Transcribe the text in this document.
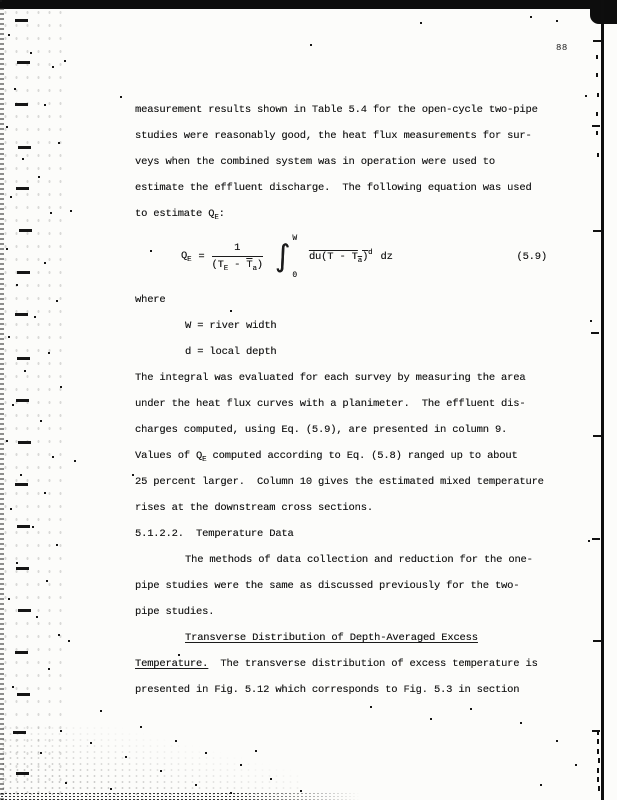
88
measurement results shown in Table 5.4 for the open-cycle two-pipe
studies were reasonably good, the heat flux measurements for sur-
veys when the combined system was in operation were used to
estimate the effluent discharge.  The following equation was used
to estimate $Q_E$:
$Q_E = \frac{1}{(T_E - \overline{T}_a)}$ ∫
W
0
$du(T - T_a)^d$ dz	(5.9)
where
W = river width
d = local depth
The integral was evaluated for each survey by measuring the area
under the heat flux curves with a planimeter.  The effluent dis-
charges computed, using Eq. (5.9), are presented in column 9.
Values of $Q_E$ computed according to Eq. (5.8) ranged up to about
25 percent larger.  Column 10 gives the estimated mixed temperature
rises at the downstream cross sections.
5.1.2.2.  Temperature Data
The methods of data collection and reduction for the one-
pipe studies were the same as discussed previously for the two-
pipe studies.
Transverse Distribution of Depth-Averaged Excess
Temperature.  The transverse distribution of excess temperature is
presented in Fig. 5.12 which corresponds to Fig. 5.3 in section
